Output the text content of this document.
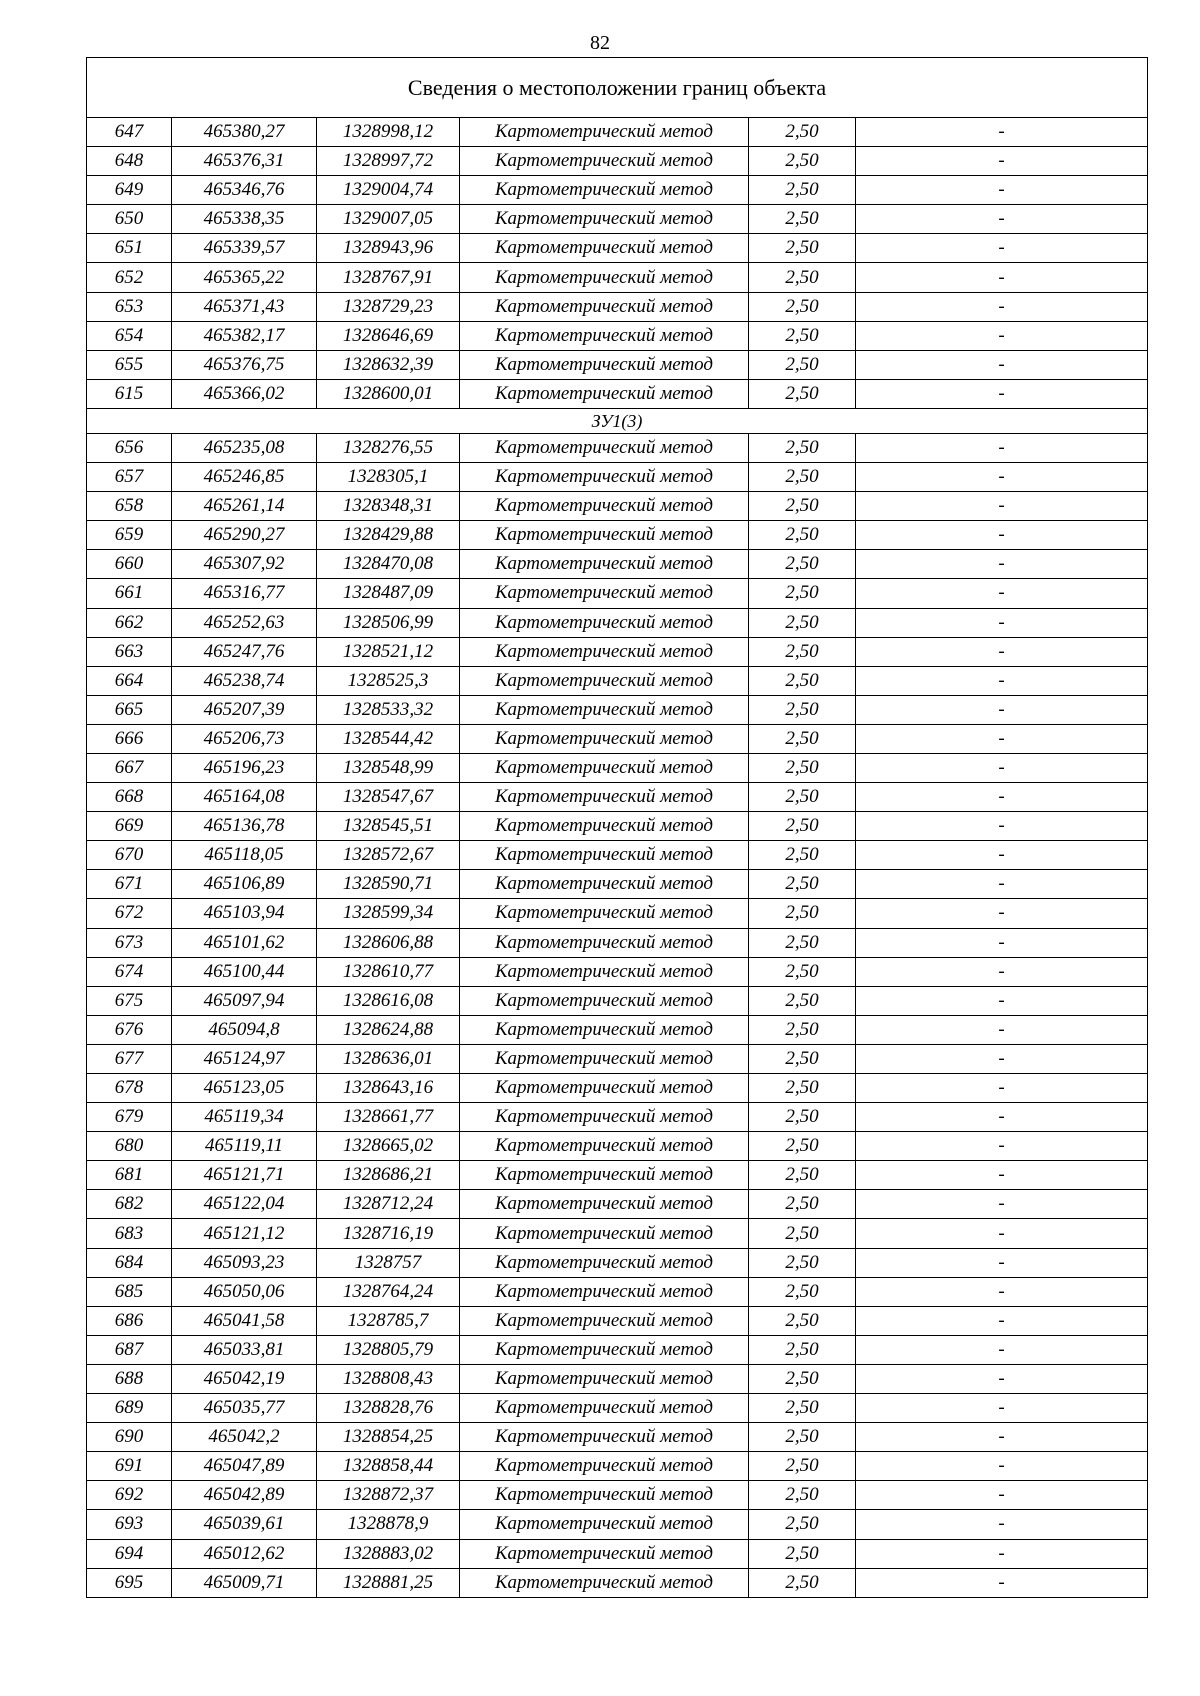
82
Сведения о местоположении границ объекта					
647	465380,27	1328998,12	Картометрический метод	2,50	-
648	465376,31	1328997,72	Картометрический метод	2,50	-
649	465346,76	1329004,74	Картометрический метод	2,50	-
650	465338,35	1329007,05	Картометрический метод	2,50	-
651	465339,57	1328943,96	Картометрический метод	2,50	-
652	465365,22	1328767,91	Картометрический метод	2,50	-
653	465371,43	1328729,23	Картометрический метод	2,50	-
654	465382,17	1328646,69	Картометрический метод	2,50	-
655	465376,75	1328632,39	Картометрический метод	2,50	-
615	465366,02	1328600,01	Картометрический метод	2,50	-
ЗУ1(3)					
656	465235,08	1328276,55	Картометрический метод	2,50	-
657	465246,85	1328305,1	Картометрический метод	2,50	-
658	465261,14	1328348,31	Картометрический метод	2,50	-
659	465290,27	1328429,88	Картометрический метод	2,50	-
660	465307,92	1328470,08	Картометрический метод	2,50	-
661	465316,77	1328487,09	Картометрический метод	2,50	-
662	465252,63	1328506,99	Картометрический метод	2,50	-
663	465247,76	1328521,12	Картометрический метод	2,50	-
664	465238,74	1328525,3	Картометрический метод	2,50	-
665	465207,39	1328533,32	Картометрический метод	2,50	-
666	465206,73	1328544,42	Картометрический метод	2,50	-
667	465196,23	1328548,99	Картометрический метод	2,50	-
668	465164,08	1328547,67	Картометрический метод	2,50	-
669	465136,78	1328545,51	Картометрический метод	2,50	-
670	465118,05	1328572,67	Картометрический метод	2,50	-
671	465106,89	1328590,71	Картометрический метод	2,50	-
672	465103,94	1328599,34	Картометрический метод	2,50	-
673	465101,62	1328606,88	Картометрический метод	2,50	-
674	465100,44	1328610,77	Картометрический метод	2,50	-
675	465097,94	1328616,08	Картометрический метод	2,50	-
676	465094,8	1328624,88	Картометрический метод	2,50	-
677	465124,97	1328636,01	Картометрический метод	2,50	-
678	465123,05	1328643,16	Картометрический метод	2,50	-
679	465119,34	1328661,77	Картометрический метод	2,50	-
680	465119,11	1328665,02	Картометрический метод	2,50	-
681	465121,71	1328686,21	Картометрический метод	2,50	-
682	465122,04	1328712,24	Картометрический метод	2,50	-
683	465121,12	1328716,19	Картометрический метод	2,50	-
684	465093,23	1328757	Картометрический метод	2,50	-
685	465050,06	1328764,24	Картометрический метод	2,50	-
686	465041,58	1328785,7	Картометрический метод	2,50	-
687	465033,81	1328805,79	Картометрический метод	2,50	-
688	465042,19	1328808,43	Картометрический метод	2,50	-
689	465035,77	1328828,76	Картометрический метод	2,50	-
690	465042,2	1328854,25	Картометрический метод	2,50	-
691	465047,89	1328858,44	Картометрический метод	2,50	-
692	465042,89	1328872,37	Картометрический метод	2,50	-
693	465039,61	1328878,9	Картометрический метод	2,50	-
694	465012,62	1328883,02	Картометрический метод	2,50	-
695	465009,71	1328881,25	Картометрический метод	2,50	-
